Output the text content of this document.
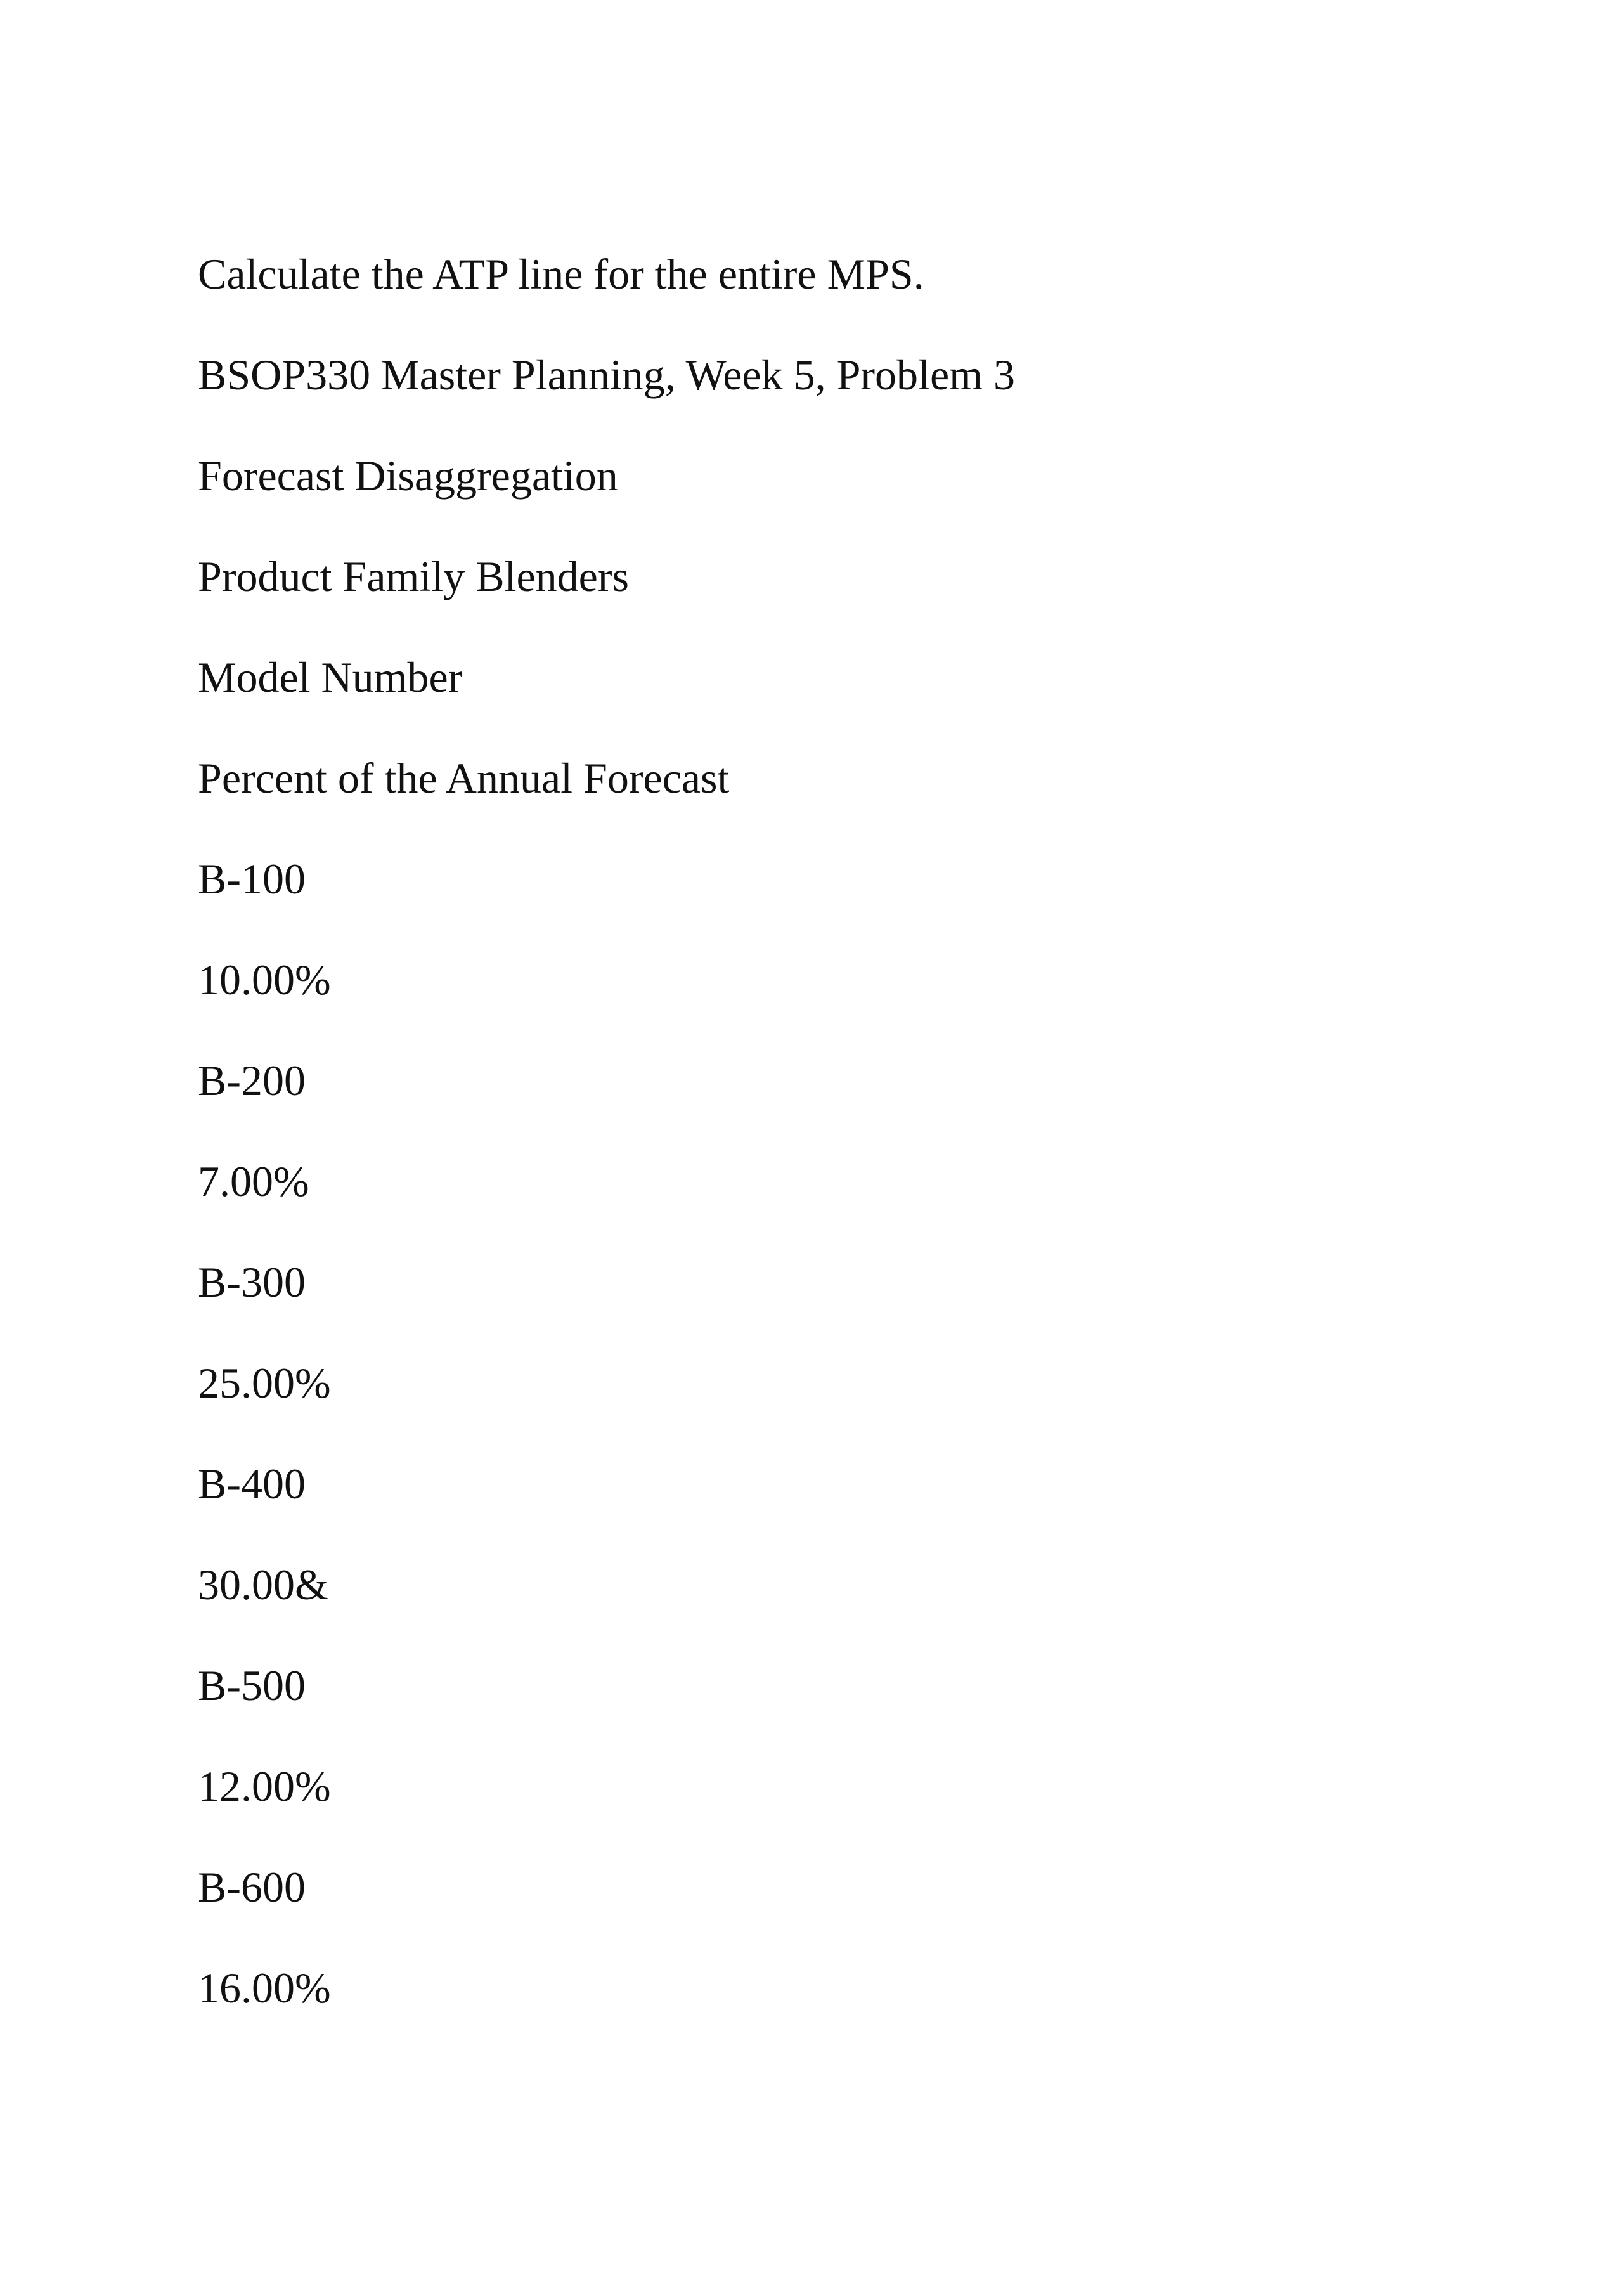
Calculate the ATP line for the entire MPS.
BSOP330 Master Planning, Week 5, Problem 3
Forecast Disaggregation
Product Family Blenders
Model Number
Percent of the Annual Forecast
B-100
10.00%
B-200
7.00%
B-300
25.00%
B-400
30.00&
B-500
12.00%
B-600
16.00%
